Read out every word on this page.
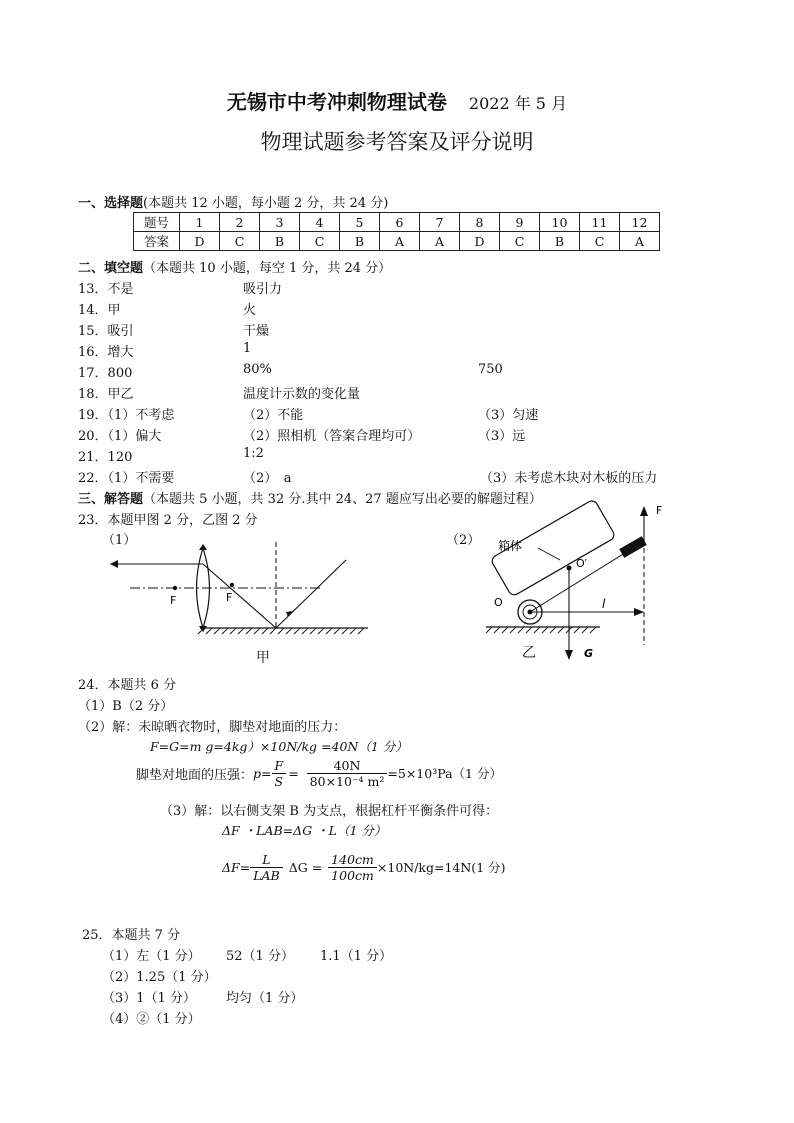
无锡市中考冲刺物理试卷 2022 年 5 月
物理试题参考答案及评分说明
一、选择题(本题共 12 小题，每小题 2 分，共 24 分)
题号	1	2	3	4	5	6	7	8	9	10	11	12
答案	D	C	B	C	B	A	A	D	C	B	C	A
二、填空题（本题共 10 小题，每空 1 分，共 24 分）
13．不是	吸引力
14．甲	火
15．吸引	干燥
16．增大	1
17．800	80%	750
18．甲乙	温度计示数的变化量
19．（1）不考虑	（2）不能	（3）匀速
20．（1）偏大	（2）照相机（答案合理均可）	（3）远
21．120	1:2
22．（1）不需要	（2）　a	（3）未考虑木块对木板的压力
三、解答题（本题共 5 小题，共 32 分.其中 24、27 题应写出必要的解题过程）
23．本题甲图 2 分，乙图 2 分
（1）	（2）
F	F
甲
箱体
O′
G
F
l
O
乙
24．本题共 6 分
（1）B（2 分）
（2）解：未晾晒衣物时，脚垫对地面的压力：
F=G=m g=4kg）×10N/kg =40N（1 分）
脚垫对地面的压强： $p= \frac{F}{S} = \frac{40N}{\text{80×10⁻⁴ m²}} =5\times 10^3Pa(1$ 分）
（3）解：以右侧支架 B 为支点，根据杠杆平衡条件可得：
ΔF ・LAB=ΔG ・L（1 分）
$\Delta F= \frac{L}{\text{LAB}}$ $\Delta G = \frac{140cm}{100cm} \times 10N/kg=14N(1$ 分)
25．本题共 7 分
（1）左（1 分） 52（1 分） 1.1（1 分）
（2）1.25（1 分）
（3）1（1 分） 均匀（1 分）
（4）②（1 分）
